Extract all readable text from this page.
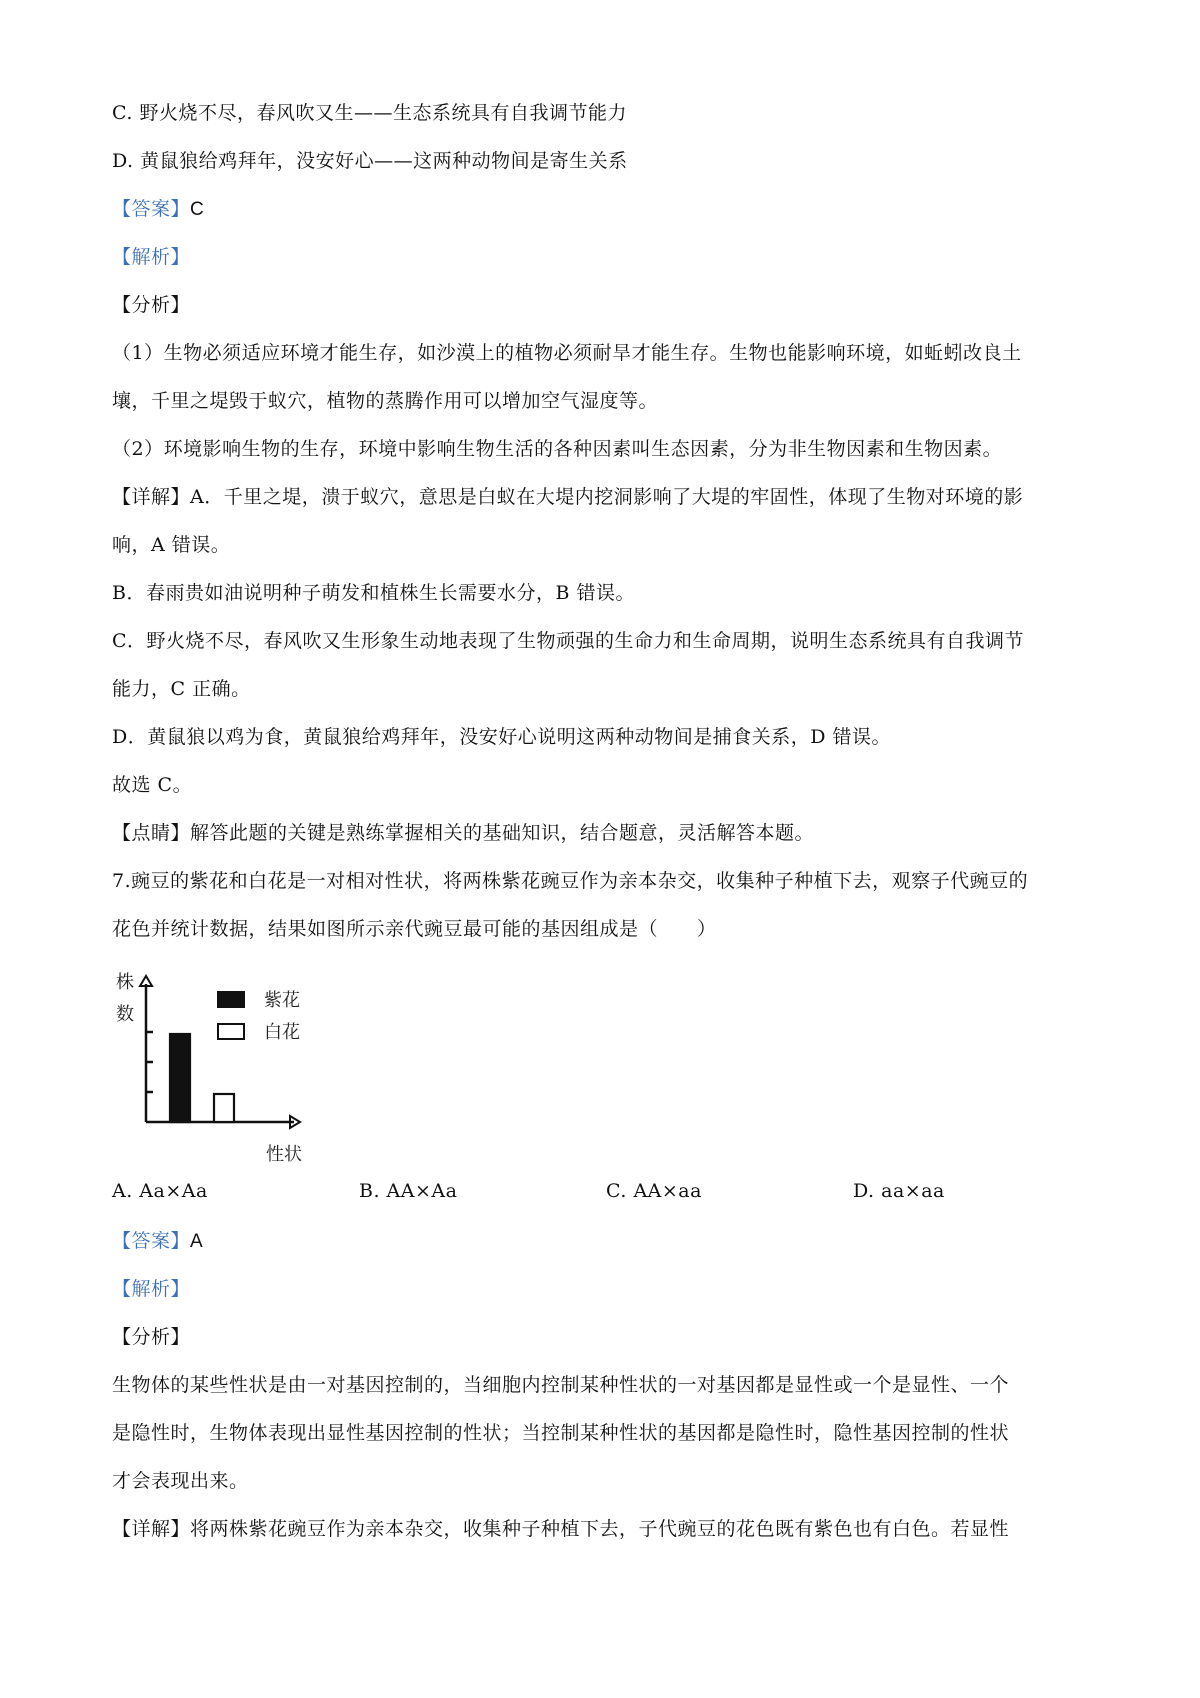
C. 野火烧不尽，春风吹又生——生态系统具有自我调节能力
D. 黄鼠狼给鸡拜年，没安好心——这两种动物间是寄生关系
【答案】C
【解析】
【分析】
（1）生物必须适应环境才能生存，如沙漠上的植物必须耐旱才能生存。生物也能影响环境，如蚯蚓改良土
壤，千里之堤毁于蚁穴，植物的蒸腾作用可以增加空气湿度等。
（2）环境影响生物的生存，环境中影响生物生活的各种因素叫生态因素，分为非生物因素和生物因素。
【详解】A．千里之堤，溃于蚁穴，意思是白蚁在大堤内挖洞影响了大堤的牢固性，体现了生物对环境的影
响，A 错误。
B．春雨贵如油说明种子萌发和植株生长需要水分，B 错误。
C．野火烧不尽，春风吹又生形象生动地表现了生物顽强的生命力和生命周期，说明生态系统具有自我调节
能力，C 正确。
D．黄鼠狼以鸡为食，黄鼠狼给鸡拜年，没安好心说明这两种动物间是捕食关系，D 错误。
故选 C。
【点睛】解答此题的关键是熟练掌握相关的基础知识，结合题意，灵活解答本题。
7.豌豆的紫花和白花是一对相对性状，将两株紫花豌豆作为亲本杂交，收集种子种植下去，观察子代豌豆的
花色并统计数据，结果如图所示亲代豌豆最可能的基因组成是（　　）
株
数
性状
紫花
白花
A. Aa×Aa	B. AA×Aa	C. AA×aa	D. aa×aa
【答案】A
【解析】
【分析】
生物体的某些性状是由一对基因控制的，当细胞内控制某种性状的一对基因都是显性或一个是显性、一个
是隐性时，生物体表现出显性基因控制的性状；当控制某种性状的基因都是隐性时，隐性基因控制的性状
才会表现出来。
【详解】将两株紫花豌豆作为亲本杂交，收集种子种植下去，子代豌豆的花色既有紫色也有白色。若显性
